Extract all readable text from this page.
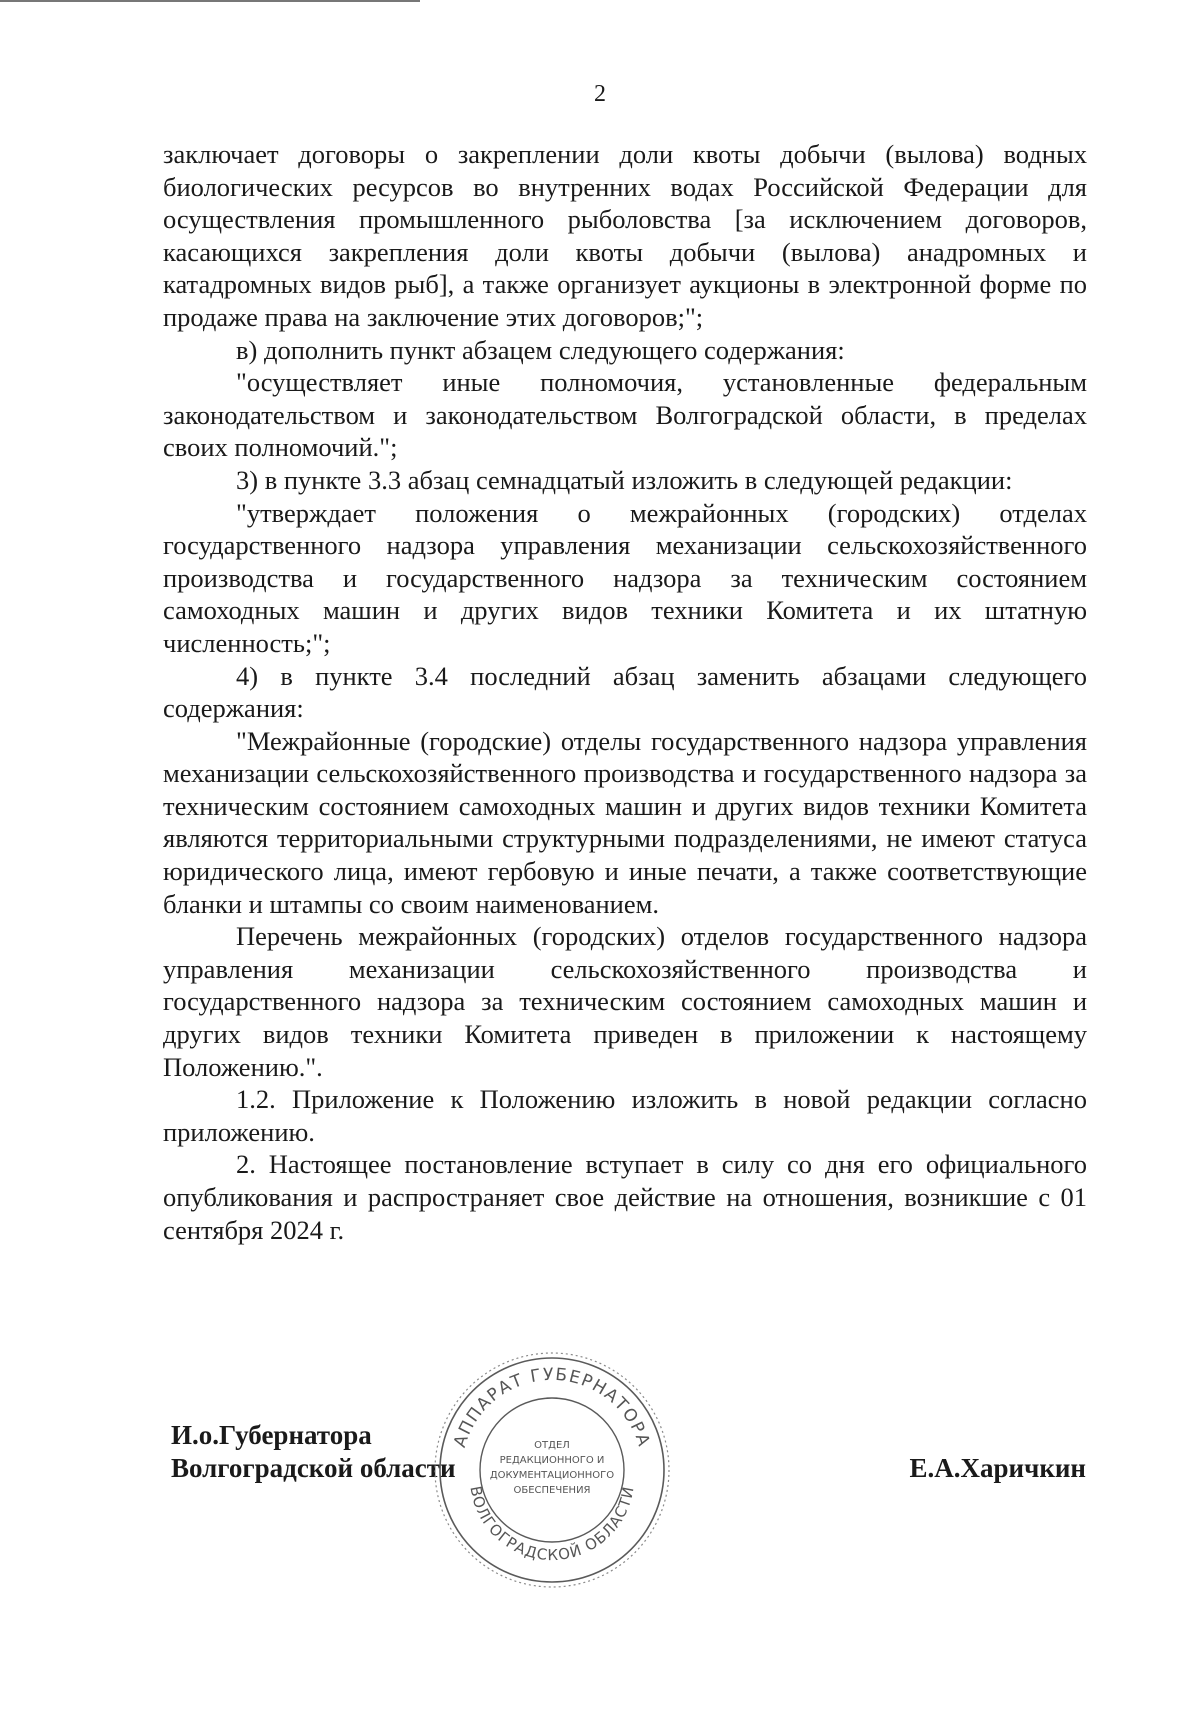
2

заключает договоры о закреплении доли квоты добычи (вылова) водных биологических ресурсов во внутренних водах Российской Федерации для осуществления промышленного рыболовства [за исключением договоров, касающихся закрепления доли квоты добычи (вылова) анадромных и катадромных видов рыб], а также организует аукционы в электронной форме по продаже права на заключение этих договоров;";

в) дополнить пункт абзацем следующего содержания:

"осуществляет иные полномочия, установленные федеральным законодательством и законодательством Волгоградской области, в пределах своих полномочий.";

3) в пункте 3.3 абзац семнадцатый изложить в следующей редакции:

"утверждает положения о межрайонных (городских) отделах государственного надзора управления механизации сельскохозяйственного производства и государственного надзора за техническим состоянием самоходных машин и других видов техники Комитета и их штатную численность;";

4) в пункте 3.4 последний абзац заменить абзацами следующего содержания:

"Межрайонные (городские) отделы государственного надзора управления механизации сельскохозяйственного производства и государственного надзора за техническим состоянием самоходных машин и других видов техники Комитета являются территориальными структурными подразделениями, не имеют статуса юридического лица, имеют гербовую и иные печати, а также соответствующие бланки и штампы со своим наименованием.

Перечень межрайонных (городских) отделов государственного надзора управления механизации сельскохозяйственного производства и государственного надзора за техническим состоянием самоходных машин и других видов техники Комитета приведен в приложении к настоящему Положению.".

1.2. Приложение к Положению изложить в новой редакции согласно приложению.

2. Настоящее постановление вступает в силу со дня его официального опубликования и распространяет свое действие на отношения, возникшие с 01 сентября 2024 г.

И.о.Губернатора
Волгоградской области	Е.А.Харичкин
АППАРАТ ГУБЕРНАТОРА
ВОЛГОГРАДСКОЙ ОБЛАСТИ
ОТДЕЛ
РЕДАКЦИОННОГО И
ДОКУМЕНТАЦИОННОГО
ОБЕСПЕЧЕНИЯ
